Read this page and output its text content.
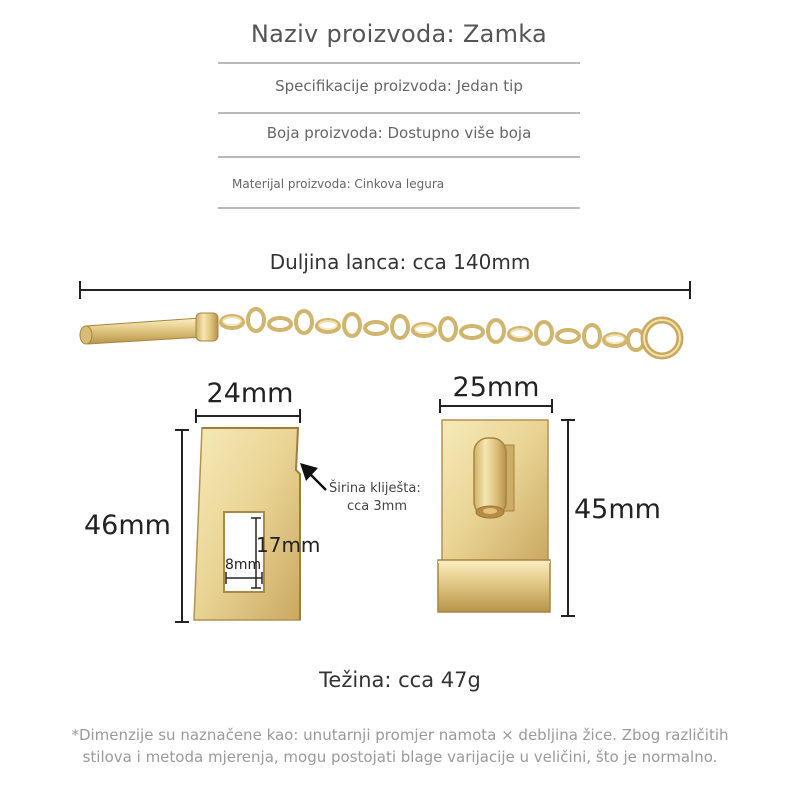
Naziv proizvoda: Zamka
Specifikacije proizvoda: Jedan tip
Boja proizvoda: Dostupno više boja
Materijal proizvoda: Cinkova legura
Duljina lanca: cca 140mm
24mm
46mm
17mm
8mm
Širina kliješta:
cca 3mm
25mm
45mm
Težina: cca 47g
*Dimenzije su naznačene kao: unutarnji promjer namota × debljina žice. Zbog različitih
stilova i metoda mjerenja, mogu postojati blage varijacije u veličini, što je normalno.
